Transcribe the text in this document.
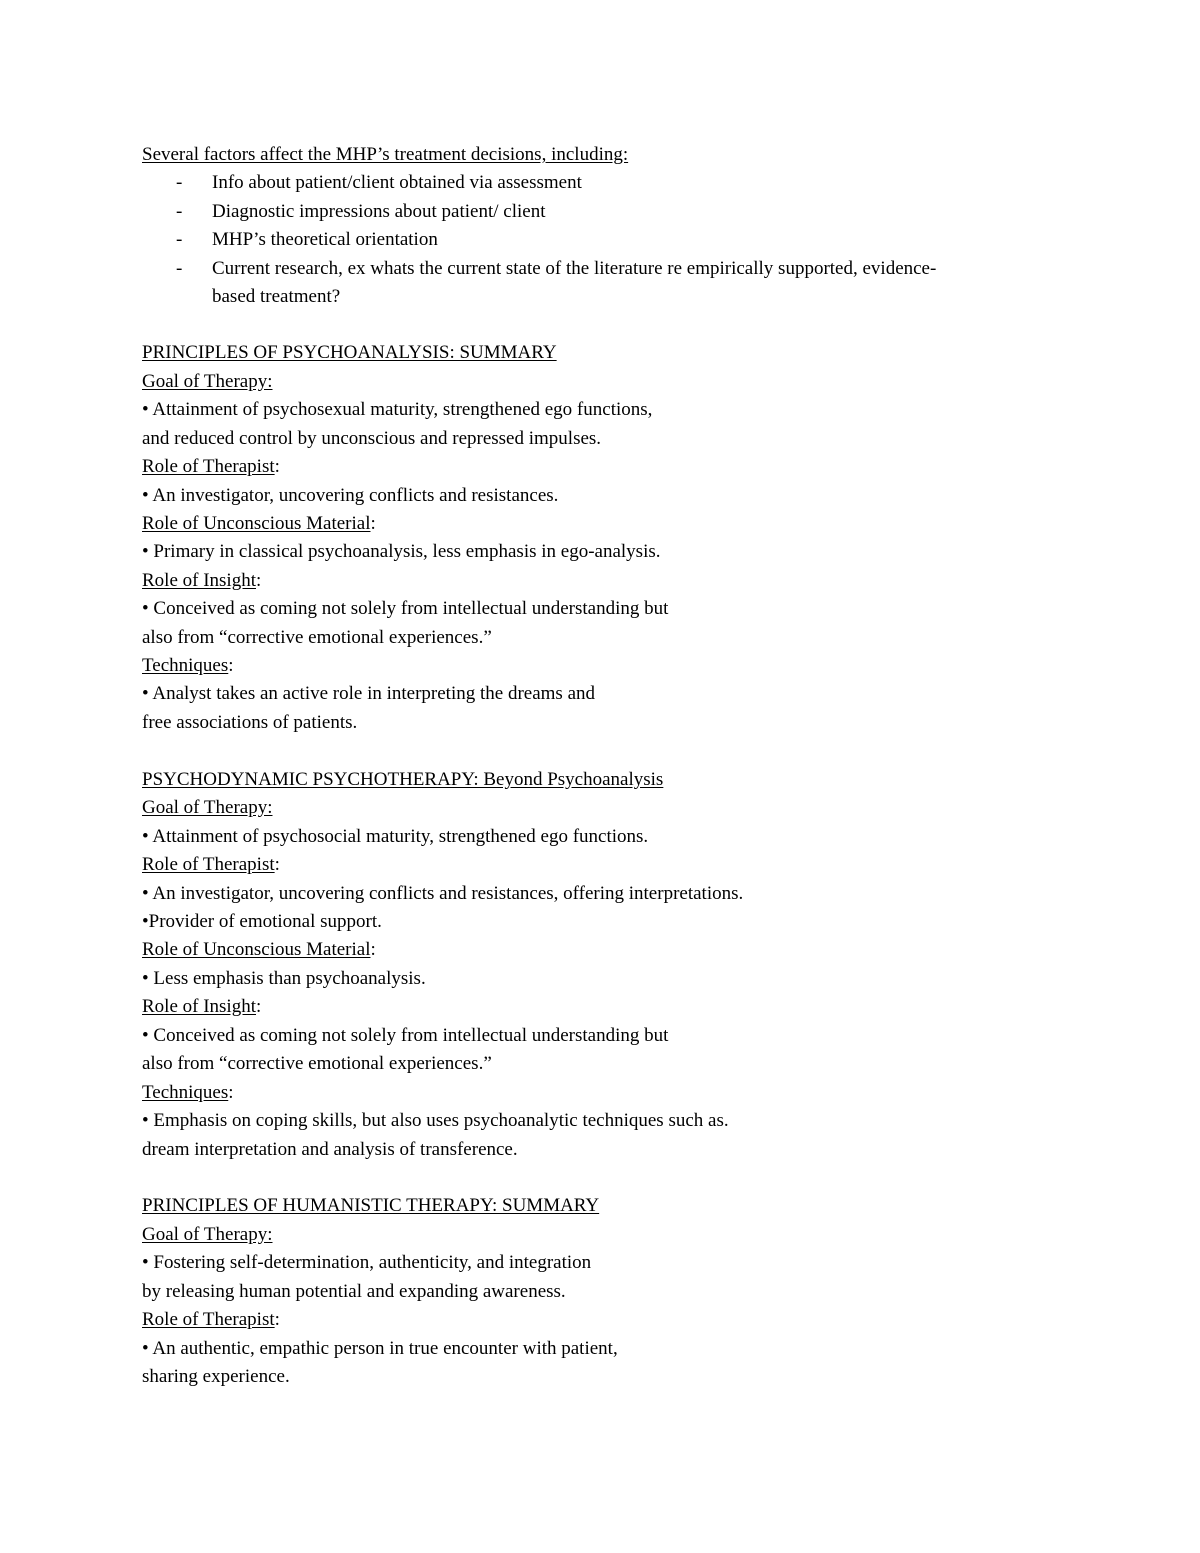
Several factors affect the MHP’s treatment decisions, including:
- Info about patient/client obtained via assessment
- Diagnostic impressions about patient/ client
- MHP’s theoretical orientation
- Current research, ex whats the current state of the literature re empirically supported, evidence-
based treatment?
PRINCIPLES OF PSYCHOANALYSIS: SUMMARY
Goal of Therapy:
• Attainment of psychosexual maturity, strengthened ego functions,
and reduced control by unconscious and repressed impulses.
Role of Therapist:
• An investigator, uncovering conflicts and resistances.
Role of Unconscious Material:
• Primary in classical psychoanalysis, less emphasis in ego-analysis.
Role of Insight:
• Conceived as coming not solely from intellectual understanding but
also from “corrective emotional experiences.”
Techniques:
• Analyst takes an active role in interpreting the dreams and
free associations of patients.
PSYCHODYNAMIC PSYCHOTHERAPY: Beyond Psychoanalysis
Goal of Therapy:
• Attainment of psychosocial maturity, strengthened ego functions.
Role of Therapist:
• An investigator, uncovering conflicts and resistances, offering interpretations.
•Provider of emotional support.
Role of Unconscious Material:
• Less emphasis than psychoanalysis.
Role of Insight:
• Conceived as coming not solely from intellectual understanding but
also from “corrective emotional experiences.”
Techniques:
• Emphasis on coping skills, but also uses psychoanalytic techniques such as.
dream interpretation and analysis of transference.
PRINCIPLES OF HUMANISTIC THERAPY: SUMMARY
Goal of Therapy:
• Fostering self-determination, authenticity, and integration
by releasing human potential and expanding awareness.
Role of Therapist:
• An authentic, empathic person in true encounter with patient,
sharing experience.
